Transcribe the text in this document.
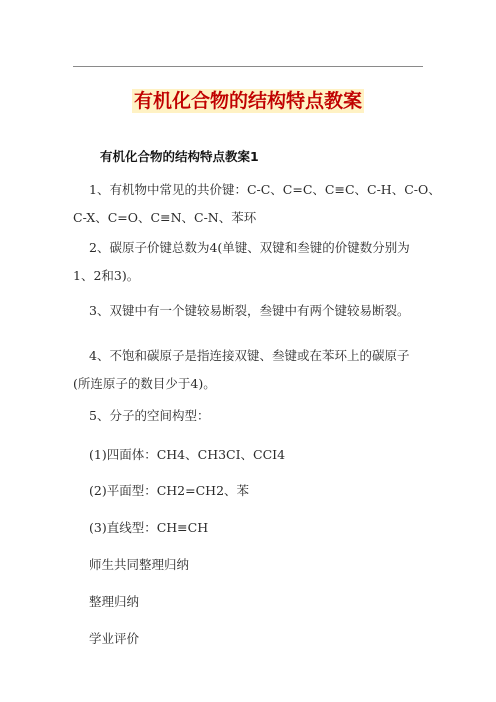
有机化合物的结构特点教案
有机化合物的结构特点教案1
1、有机物中常见的共价键：C-C、C=C、C≡C、C-H、C-O、
C-X、C=O、C≡N、C-N、苯环
2、碳原子价键总数为4(单键、双键和叁键的价键数分别为
1、2和3)。
3、双键中有一个键较易断裂，叁键中有两个键较易断裂。
4、不饱和碳原子是指连接双键、叁键或在苯环上的碳原子
(所连原子的数目少于4)。
5、分子的空间构型：
(1)四面体：CH4、CH3CI、CCI4
(2)平面型：CH2=CH2、苯
(3)直线型：CH≡CH
师生共同整理归纳
整理归纳
学业评价
